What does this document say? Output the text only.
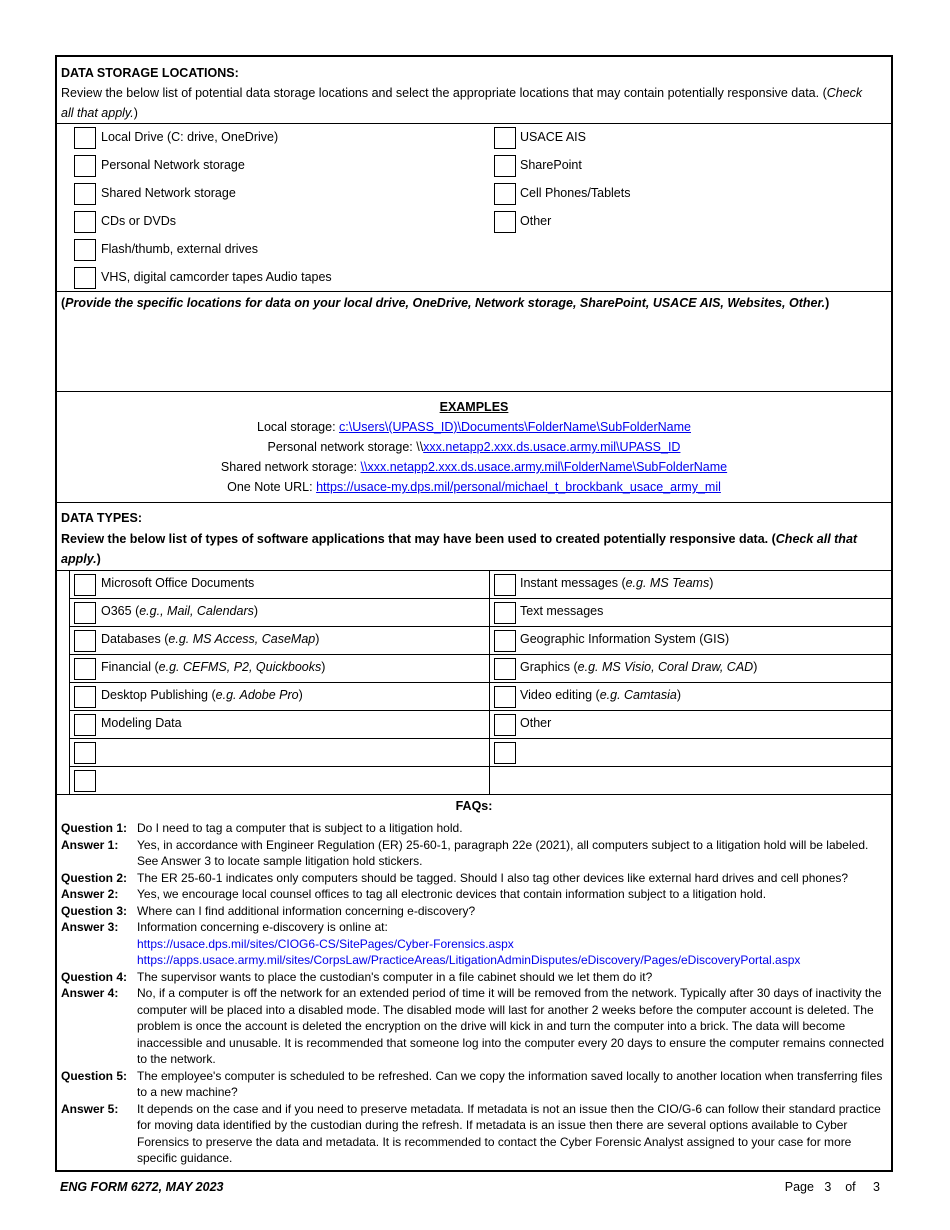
DATA STORAGE LOCATIONS:
Review the below list of potential data storage locations and select the appropriate locations that may contain potentially responsive data. (Check all that apply.)
Local Drive (C: drive, OneDrive)
Personal Network storage
Shared Network storage
CDs or DVDs
Flash/thumb, external drives
VHS, digital camcorder tapes Audio tapes
USACE AIS
SharePoint
Cell Phones/Tablets
Other
(Provide the specific locations for data on your local drive, OneDrive, Network storage, SharePoint, USACE AIS, Websites, Other.)
EXAMPLES
Local storage: c:\Users\(UPASS_ID)\Documents\FolderName\SubFolderName
Personal network storage: \\xxx.netapp2.xxx.ds.usace.army.mil\UPASS_ID
Shared network storage: \\xxx.netapp2.xxx.ds.usace.army.mil\FolderName\SubFolderName
One Note URL: https://usace-my.dps.mil/personal/michael_t_brockbank_usace_army_mil
DATA TYPES:
Review the below list of types of software applications that may have been used to created potentially responsive data. (Check all that apply.)
Microsoft Office Documents	Instant messages (e.g. MS Teams)
O365 (e.g., Mail, Calendars)	Text messages
Databases (e.g. MS Access, CaseMap)	Geographic Information System (GIS)
Financial (e.g. CEFMS, P2, Quickbooks)	Graphics (e.g. MS Visio, Coral Draw, CAD)
Desktop Publishing (e.g. Adobe Pro)	Video editing (e.g. Camtasia)
Modeling Data	Other
FAQs:
Question 1: Do I need to tag a computer that is subject to a litigation hold.
Answer 1: Yes, in accordance with Engineer Regulation (ER) 25-60-1, paragraph 22e (2021), all computers subject to a litigation hold will be labeled. See Answer 3 to locate sample litigation hold stickers.
Question 2: The ER 25-60-1 indicates only computers should be tagged. Should I also tag other devices like external hard drives and cell phones?
Answer 2: Yes, we encourage local counsel offices to tag all electronic devices that contain information subject to a litigation hold.
Question 3: Where can I find additional information concerning e-discovery?
Answer 3: Information concerning e-discovery is online at:
https://usace.dps.mil/sites/CIOG6-CS/SitePages/Cyber-Forensics.aspx
https://apps.usace.army.mil/sites/CorpsLaw/PracticeAreas/LitigationAdminDisputes/eDiscovery/Pages/eDiscoveryPortal.aspx
Question 4: The supervisor wants to place the custodian's computer in a file cabinet should we let them do it?
Answer 4: No, if a computer is off the network for an extended period of time it will be removed from the network. Typically after 30 days of inactivity the computer will be placed into a disabled mode. The disabled mode will last for another 2 weeks before the computer account is deleted. The problem is once the account is deleted the encryption on the drive will kick in and turn the computer into a brick. The data will become inaccessible and unusable. It is recommended that someone log into the computer every 20 days to ensure the computer remains connected to the network.
Question 5: The employee's computer is scheduled to be refreshed. Can we copy the information saved locally to another location when transferring files to a new machine?
Answer 5: It depends on the case and if you need to preserve metadata. If metadata is not an issue then the CIO/G-6 can follow their standard practice for moving data identified by the custodian during the refresh. If metadata is an issue then there are several options available to Cyber Forensics to preserve the data and metadata. It is recommended to contact the Cyber Forensic Analyst assigned to your case for more specific guidance.
ENG FORM 6272, MAY 2023	Page 3 of 3
